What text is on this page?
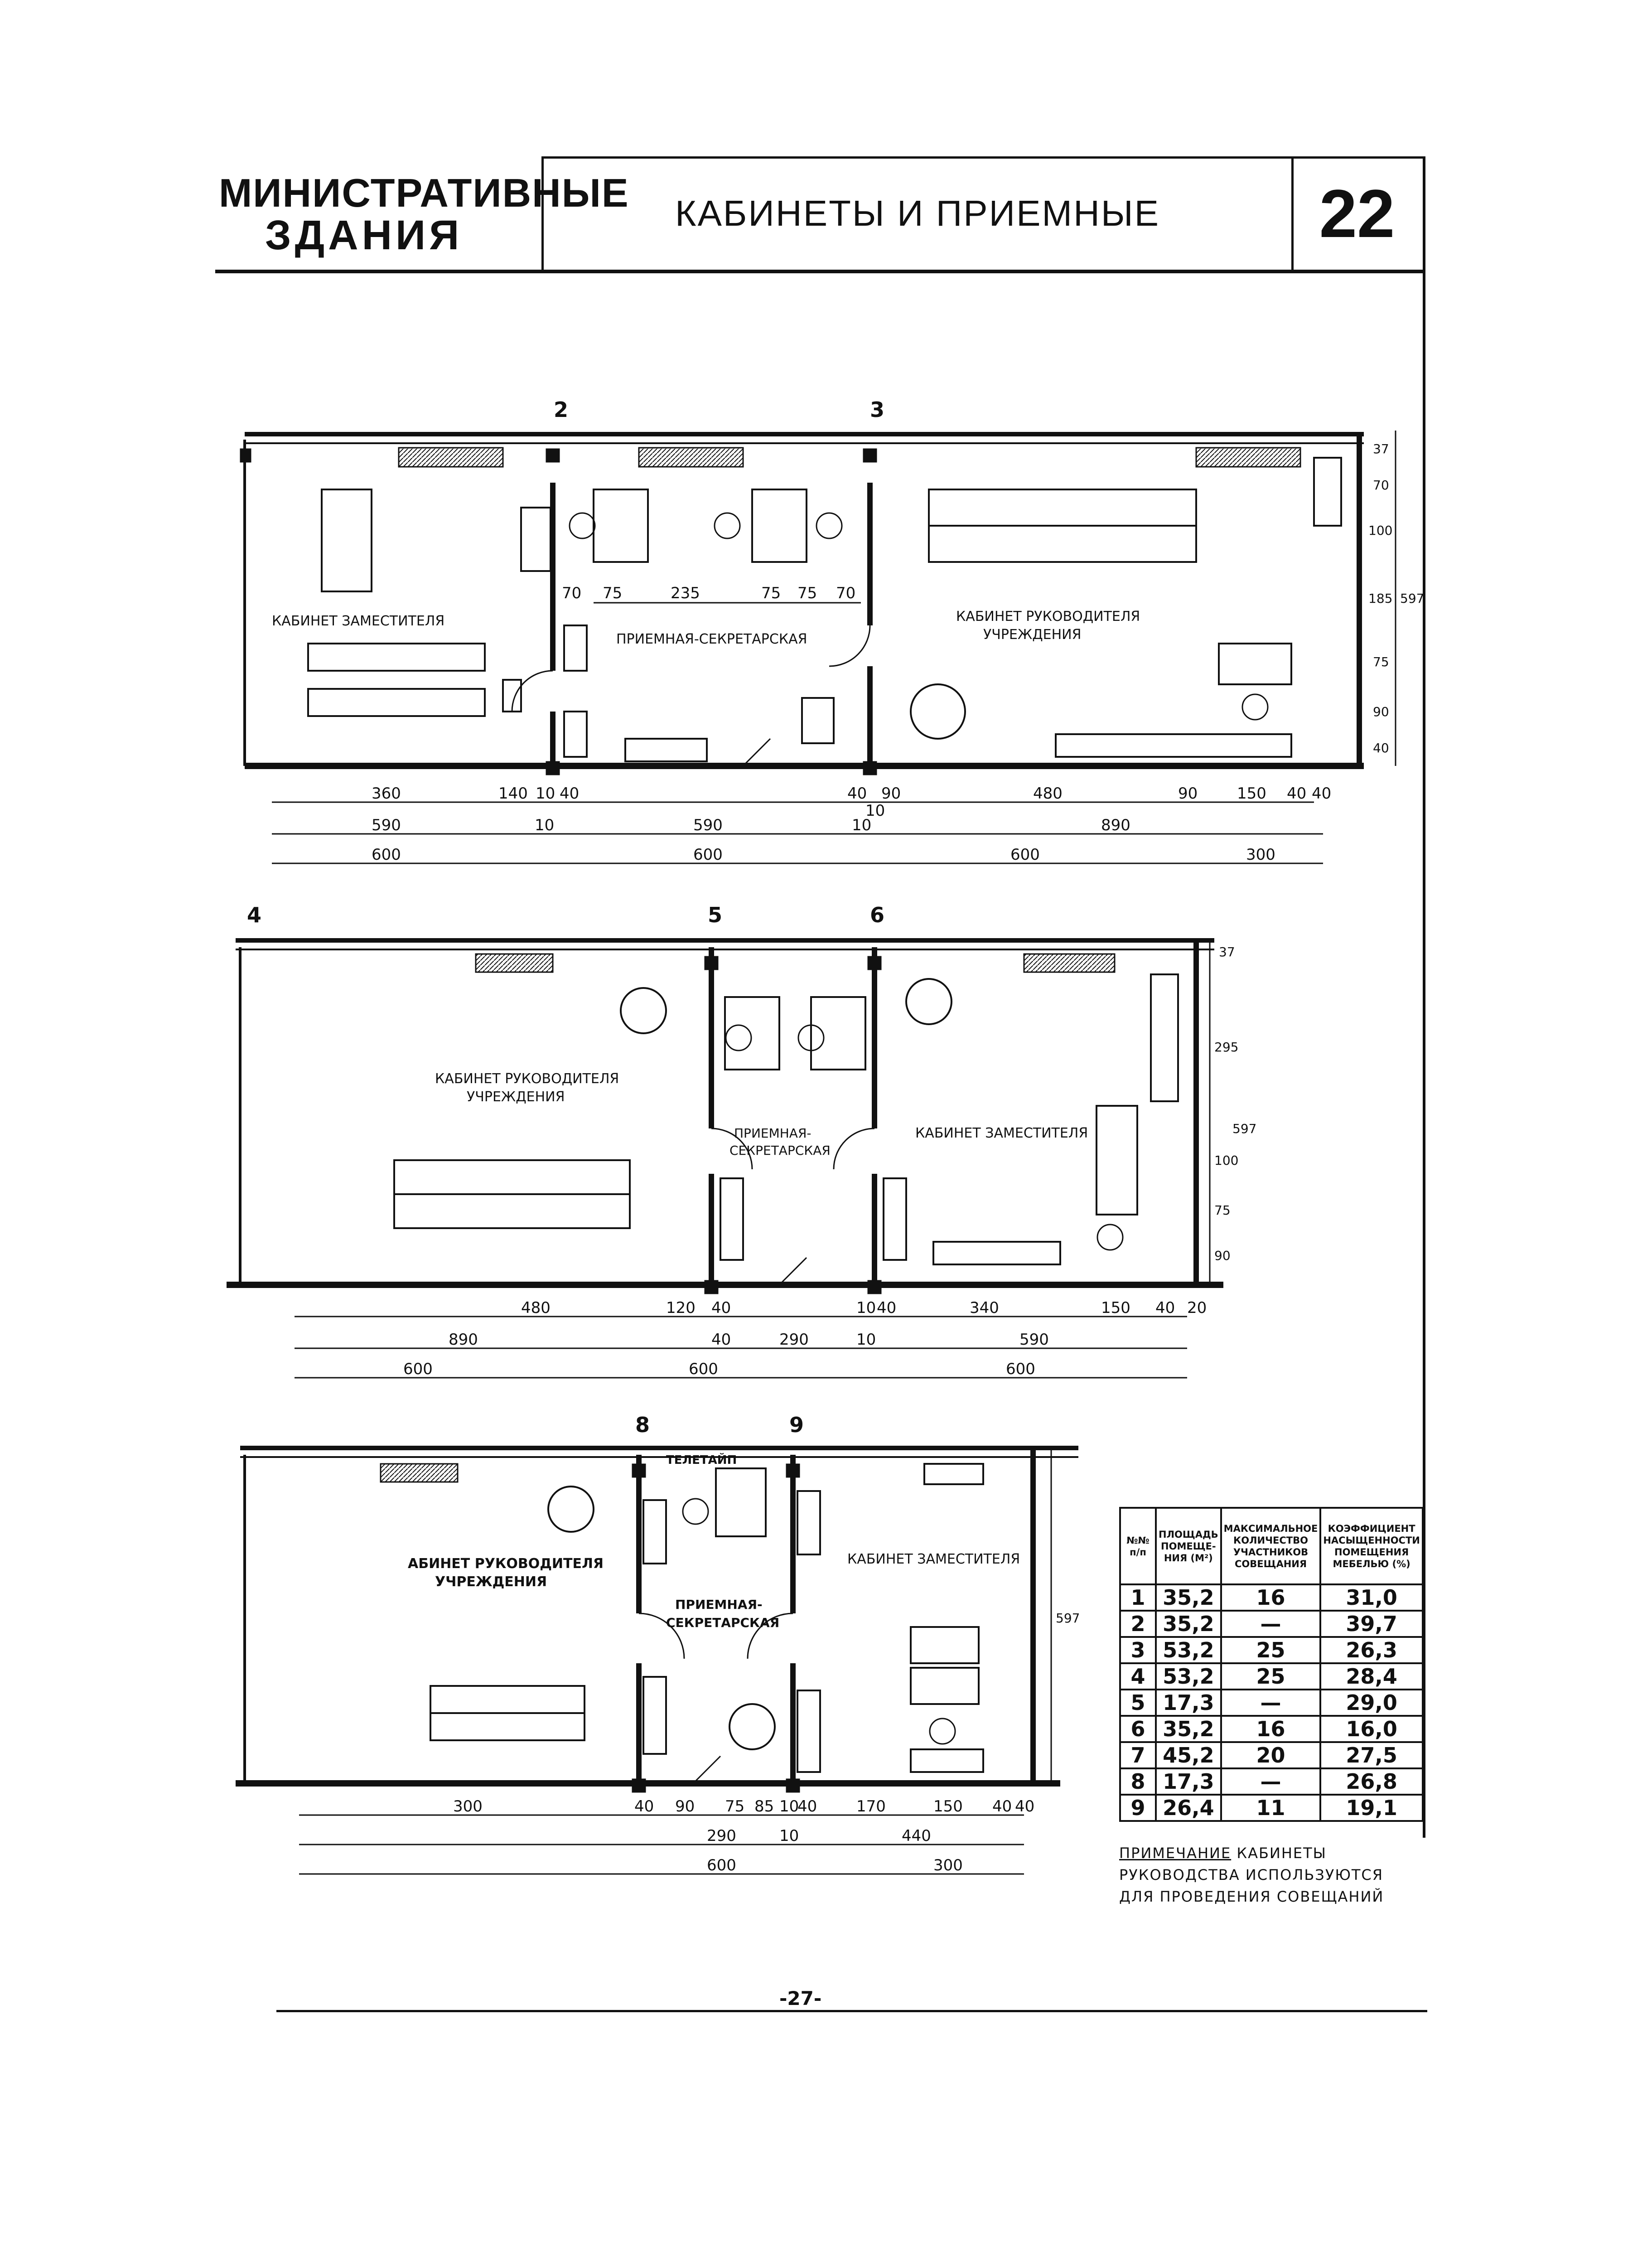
МИНИСТРАТИВНЫЕ
ЗДАНИЯ	КАБИНЕТЫ И ПРИЕМНЫЕ	22
2	3
КАБИНЕТ ЗАМЕСТИТЕЛЯ
ПРИЕМНАЯ-СЕКРЕТАРСКАЯ
КАБИНЕТ РУКОВОДИТЕЛЯ
УЧРЕЖДЕНИЯ
70 75	235	75 75 70
37
70
100
185 597
75
90
40
360	140 10 40	40 90	480	90	150 40 40
10
590	10	590	10	890
600	600	600	300
4	5	6
КАБИНЕТ РУКОВОДИТЕЛЯ
УЧРЕЖДЕНИЯ
ПРИЕМНАЯ-
СЕКРЕТАРСКАЯ
КАБИНЕТ ЗАМЕСТИТЕЛЯ
37
295
597
100
75
90
480	120 40	10 40	340	150 40 20
890	40	290	10	590
600	600	600
8	9
АБИНЕТ РУКОВОДИТЕЛЯ
УЧРЕЖДЕНИЯ
ТЕЛЕТАЙП
ПРИЕМНАЯ-
СЕКРЕТАРСКАЯ
КАБИНЕТ ЗАМЕСТИТЕЛЯ
597
300	40 90 75 85 10
40	170	150 40 40
290	10	440
600	300
№№ п/п	ПЛОЩАДЬ ПОМЕЩЕ- НИЯ (М²)	МАКСИМАЛЬНОЕ КОЛИЧЕСТВО УЧАСТНИКОВ СОВЕЩАНИЯ	КОЭФФИЦИЕНТ НАСЫЩЕННОСТИ ПОМЕЩЕНИЯ МЕБЕЛЬЮ (%)

1	35,2	16	31,0
2	35,2	—	39,7
3	53,2	25	26,3
4	53,2	25	28,4
5	17,3	—	29,0
6	35,2	16	16,0
7	45,2	20	27,5
8	17,3	—	26,8
9	26,4	11	19,1
ПРИМЕЧАНИЕ КАБИНЕТЫ РУКОВОДСТВА ИСПОЛЬЗУЮТСЯ ДЛЯ ПРОВЕДЕНИЯ СОВЕЩАНИЙ
-27-
